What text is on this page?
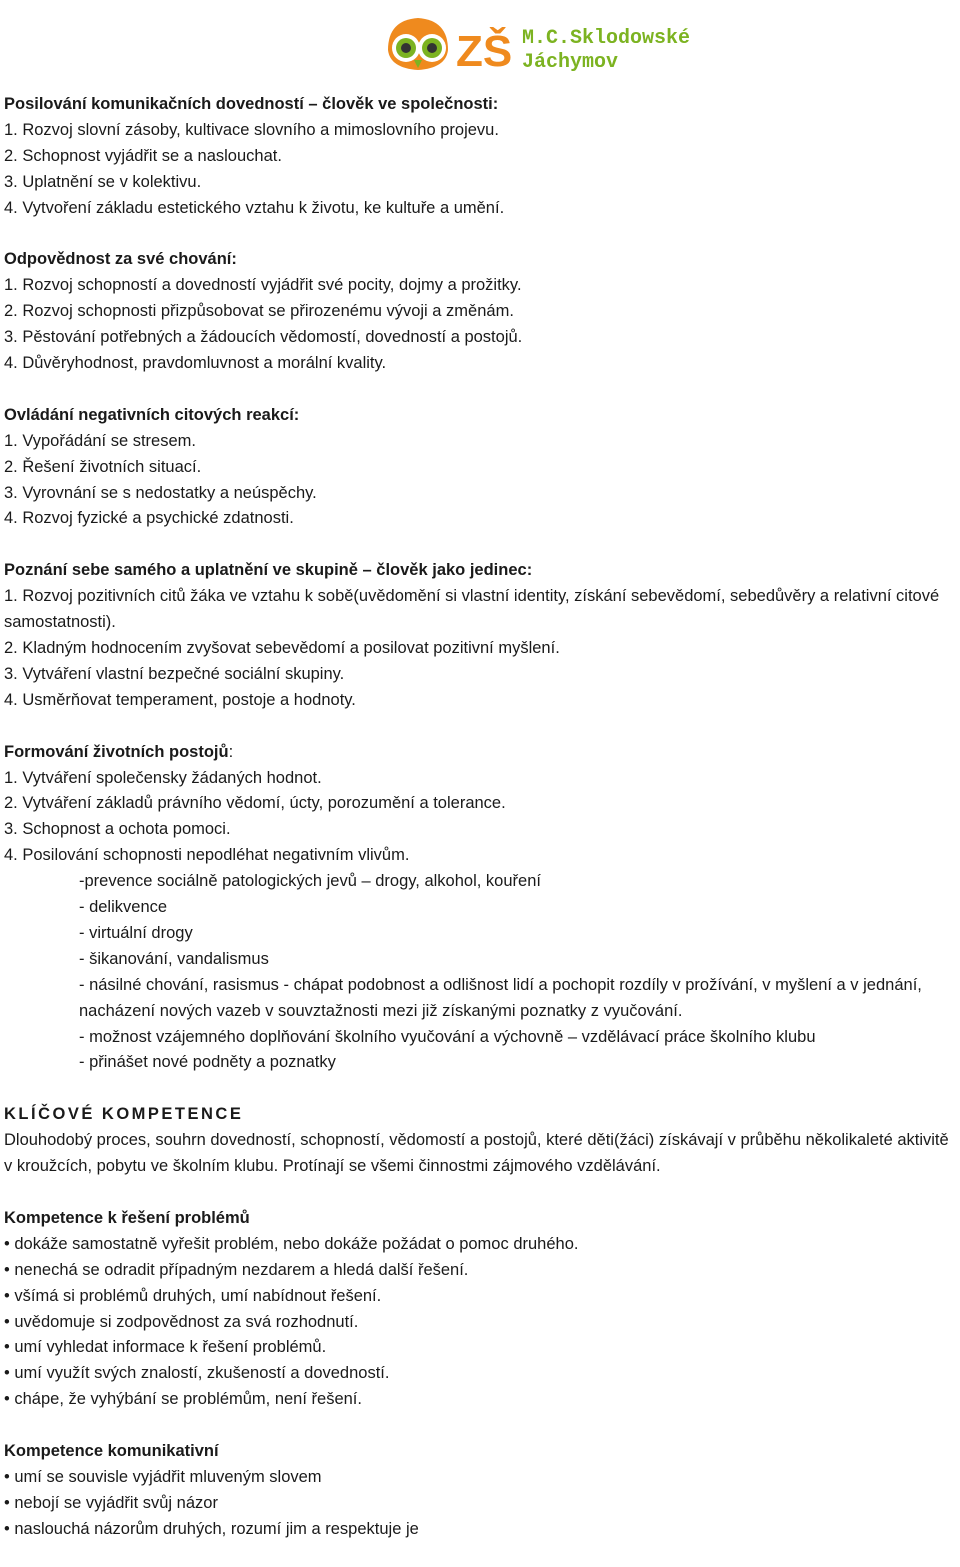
ZŠ M.C.Sklodowské
Jáchymov
Posilování komunikačních dovedností – člověk ve společnosti:
1. Rozvoj slovní zásoby, kultivace slovního a mimoslovního projevu.
2. Schopnost vyjádřit se a naslouchat.
3. Uplatnění se v kolektivu.
4. Vytvoření základu estetického vztahu k životu, ke kultuře a umění.
Odpovědnost za své chování:
1. Rozvoj schopností a dovedností vyjádřit své pocity, dojmy a prožitky.
2. Rozvoj schopnosti přizpůsobovat se přirozenému vývoji a změnám.
3. Pěstování potřebných a žádoucích vědomostí, dovedností a postojů.
4. Důvěryhodnost, pravdomluvnost a morální kvality.
Ovládání negativních citových reakcí:
1. Vypořádání se stresem.
2. Řešení životních situací.
3. Vyrovnání se s nedostatky a neúspěchy.
4. Rozvoj fyzické a psychické zdatnosti.
Poznání sebe samého a uplatnění ve skupině – člověk jako jedinec:
1. Rozvoj pozitivních citů žáka ve vztahu k sobě(uvědomění si vlastní identity, získání sebevědomí, sebedůvěry a relativní citové samostatnosti).
2. Kladným hodnocením zvyšovat sebevědomí a posilovat pozitivní myšlení.
3. Vytváření vlastní bezpečné sociální skupiny.
4. Usměrňovat temperament, postoje a hodnoty.
Formování životních postojů:
1. Vytváření společensky žádaných hodnot.
2. Vytváření základů právního vědomí, úcty, porozumění a tolerance.
3. Schopnost a ochota pomoci.
4. Posilování schopnosti nepodléhat negativním vlivům.
-prevence sociálně patologických jevů – drogy, alkohol, kouření
- delikvence
- virtuální drogy
- šikanování, vandalismus
- násilné chování, rasismus - chápat podobnost a odlišnost lidí a pochopit rozdíly v prožívání, v myšlení a v jednání, nacházení nových vazeb v souvztažnosti mezi již získanými poznatky z vyučování.
- možnost vzájemného doplňování školního vyučování a výchovně – vzdělávací práce školního klubu
- přinášet nové podněty a poznatky
KLÍČOVÉ KOMPETENCE
Dlouhodobý proces, souhrn dovedností, schopností, vědomostí a postojů, které děti(žáci) získávají v průběhu několikaleté aktivitě v kroužcích, pobytu ve školním klubu. Protínají se všemi činnostmi zájmového vzdělávání.
Kompetence k řešení problémů
• dokáže samostatně vyřešit problém, nebo dokáže požádat o pomoc druhého.
• nenechá se odradit případným nezdarem a hledá další řešení.
• všímá si problémů druhých, umí nabídnout řešení.
• uvědomuje si zodpovědnost za svá rozhodnutí.
• umí vyhledat informace k řešení problémů.
• umí využít svých znalostí, zkušeností a dovedností.
• chápe, že vyhýbání se problémům, není řešení.
Kompetence komunikativní
• umí se souvisle vyjádřit mluveným slovem
• nebojí se vyjádřit svůj názor
• naslouchá názorům druhých, rozumí jim a respektuje je
